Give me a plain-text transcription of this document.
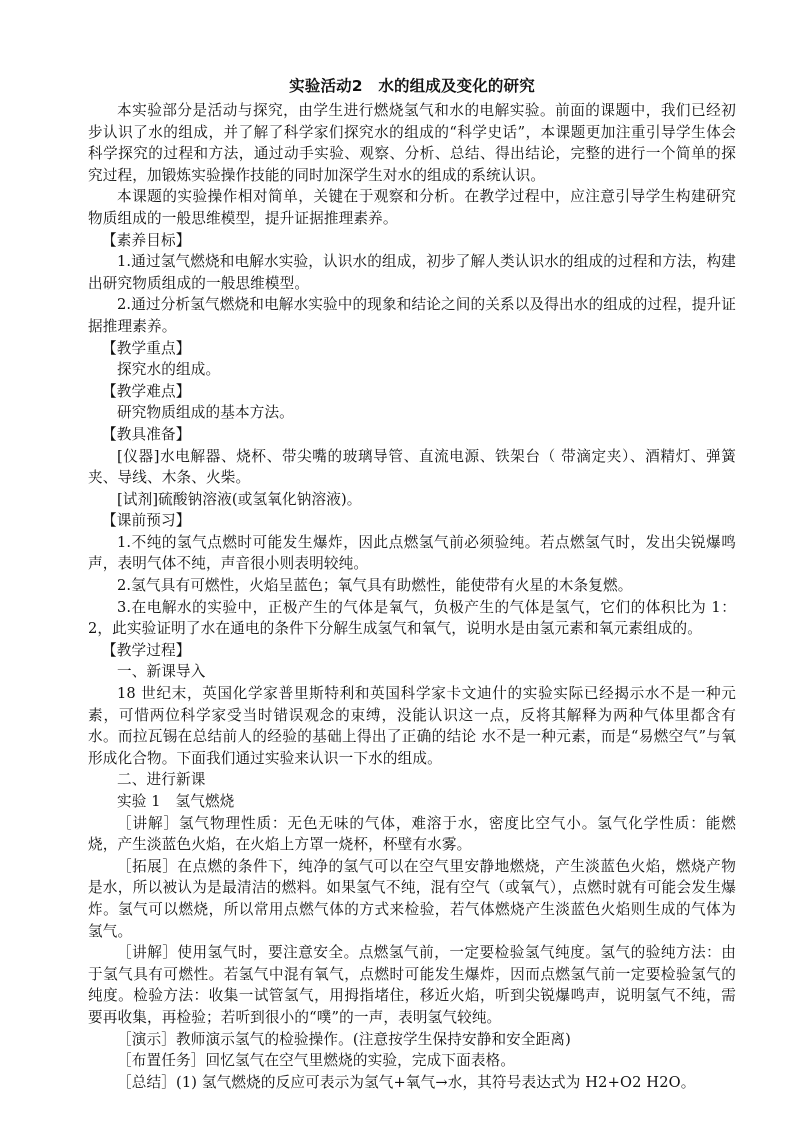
实验活动2　水的组成及变化的研究

本实验部分是活动与探究，由学生进行燃烧氢气和水的电解实验。前面的课题中，我们已经初步认识了水的组成，并了解了科学家们探究水的组成的“科学史话”，本课题更加注重引导学生体会科学探究的过程和方法，通过动手实验、观察、分析、总结、得出结论，完整的进行一个简单的探究过程，加锻炼实验操作技能的同时加深学生对水的组成的系统认识。

本课题的实验操作相对简单，关键在于观察和分析。在教学过程中，应注意引导学生构建研究物质组成的一般思维模型，提升证据推理素养。

【素养目标】

1.通过氢气燃烧和电解水实验，认识水的组成，初步了解人类认识水的组成的过程和方法，构建出研究物质组成的一般思维模型。

2.通过分析氢气燃烧和电解水实验中的现象和结论之间的关系以及得出水的组成的过程，提升证据推理素养。

【教学重点】

探究水的组成。

【教学难点】

研究物质组成的基本方法。

【教具准备】

[仪器]水电解器、烧杯、带尖嘴的玻璃导管、直流电源、铁架台（ 带滴定夹）、酒精灯、弹簧夹、导线、木条、火柴。

[试剂]硫酸钠溶液(或氢氧化钠溶液)。

【课前预习】

1.不纯的氢气点燃时可能发生爆炸，因此点燃氢气前必须验纯。若点燃氢气时，发出尖锐爆鸣声，表明气体不纯，声音很小则表明较纯。

2.氢气具有可燃性，火焰呈蓝色；氧气具有助燃性，能使带有火星的木条复燃。

3.在电解水的实验中，正极产生的气体是氧气，负极产生的气体是氢气，它们的体积比为 1：2，此实验证明了水在通电的条件下分解生成氢气和氧气，说明水是由氢元素和氧元素组成的。

【教学过程】

一、新课导入

18 世纪末，英国化学家普里斯特利和英国科学家卡文迪什的实验实际已经揭示水不是一种元素，可惜两位科学家受当时错误观念的束缚，没能认识这一点，反将其解释为两种气体里都含有水。而拉瓦锡在总结前人的经验的基础上得出了正确的结论 水不是一种元素，而是“易燃空气”与氧形成化合物。下面我们通过实验来认识一下水的组成。

二、进行新课

实验 1　氢气燃烧

［讲解］氢气物理性质：无色无味的气体，难溶于水，密度比空气小。氢气化学性质：能燃烧，产生淡蓝色火焰，在火焰上方罩一烧杯，杯壁有水雾。

［拓展］在点燃的条件下，纯净的氢气可以在空气里安静地燃烧，产生淡蓝色火焰，燃烧产物是水，所以被认为是最清洁的燃料。如果氢气不纯，混有空气（或氧气），点燃时就有可能会发生爆炸。氢气可以燃烧，所以常用点燃气体的方式来检验，若气体燃烧产生淡蓝色火焰则生成的气体为氢气。

［讲解］使用氢气时，要注意安全。点燃氢气前，一定要检验氢气纯度。氢气的验纯方法：由于氢气具有可燃性。若氢气中混有氧气，点燃时可能发生爆炸，因而点燃氢气前一定要检验氢气的纯度。检验方法：收集一试管氢气，用拇指堵住，移近火焰，听到尖锐爆鸣声，说明氢气不纯，需要再收集，再检验；若听到很小的“噗”的一声，表明氢气较纯。

［演示］教师演示氢气的检验操作。(注意按学生保持安静和安全距离)

［布置任务］回忆氢气在空气里燃烧的实验，完成下面表格。

［总结］(1) 氢气燃烧的反应可表示为氢气+氧气→水，其符号表达式为 H2+O2 H2O。
